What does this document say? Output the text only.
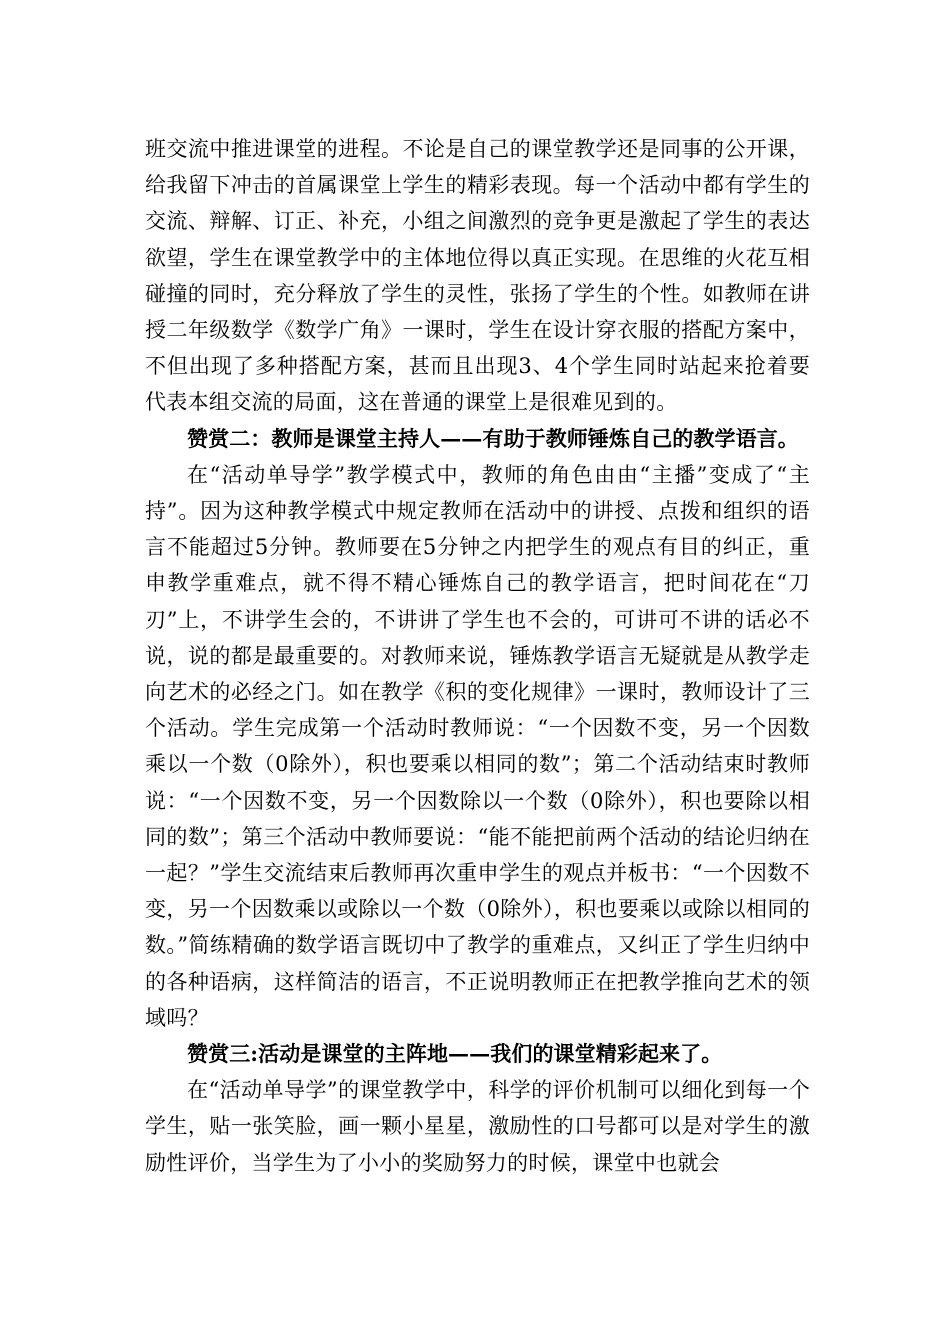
班交流中推进课堂的进程。不论是自己的课堂教学还是同事的公开课，给我留下冲击的首属课堂上学生的精彩表现。每一个活动中都有学生的交流、辩解、订正、补充，小组之间激烈的竞争更是激起了学生的表达欲望，学生在课堂教学中的主体地位得以真正实现。在思维的火花互相碰撞的同时，充分释放了学生的灵性，张扬了学生的个性。如教师在讲授二年级数学《数学广角》一课时，学生在设计穿衣服的搭配方案中，不但出现了多种搭配方案，甚而且出现3、4个学生同时站起来抢着要代表本组交流的局面，这在普通的课堂上是很难见到的。

赞赏二：教师是课堂主持人——有助于教师锤炼自己的教学语言。

在“活动单导学”教学模式中，教师的角色由由“主播”变成了“主持”。因为这种教学模式中规定教师在活动中的讲授、点拨和组织的语言不能超过5分钟。教师要在5分钟之内把学生的观点有目的纠正，重申教学重难点，就不得不精心锤炼自己的教学语言，把时间花在“刀刃”上，不讲学生会的，不讲讲了学生也不会的，可讲可不讲的话必不说，说的都是最重要的。对教师来说，锤炼教学语言无疑就是从教学走向艺术的必经之门。如在教学《积的变化规律》一课时，教师设计了三个活动。学生完成第一个活动时教师说：“一个因数不变，另一个因数乘以一个数（0除外），积也要乘以相同的数”；第二个活动结束时教师说：“一个因数不变，另一个因数除以一个数（0除外），积也要除以相同的数”；第三个活动中教师要说：“能不能把前两个活动的结论归纳在一起？”学生交流结束后教师再次重申学生的观点并板书：“一个因数不变，另一个因数乘以或除以一个数（0除外），积也要乘以或除以相同的数。”简练精确的数学语言既切中了教学的重难点，又纠正了学生归纳中的各种语病，这样简洁的语言，不正说明教师正在把教学推向艺术的领域吗？

赞赏三:活动是课堂的主阵地——我们的课堂精彩起来了。

在“活动单导学”的课堂教学中，科学的评价机制可以细化到每一个学生，贴一张笑脸，画一颗小星星，激励性的口号都可以是对学生的激励性评价，当学生为了小小的奖励努力的时候，课堂中也就会
